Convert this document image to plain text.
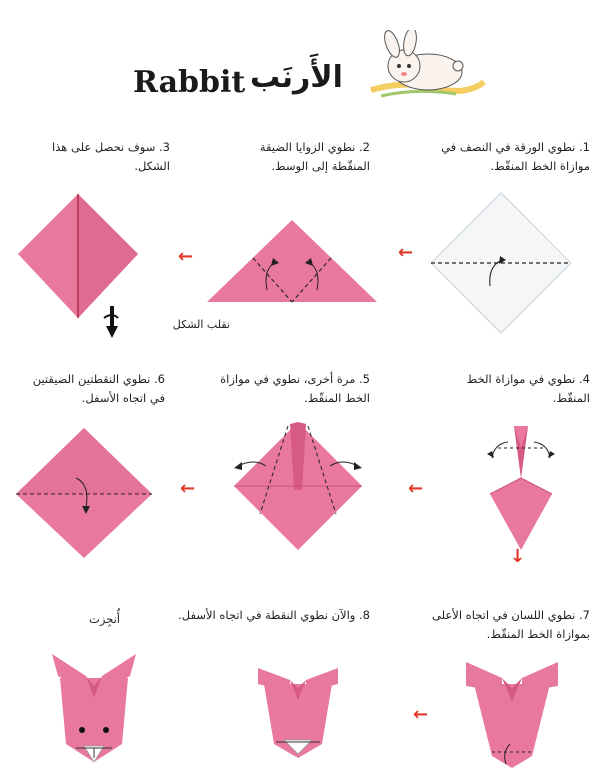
Rabbit الأَرنَب
1. نطوي الورقة في النصف في موازاة الخط المنقّط.
2. نطوي الزوايا الضيقة المنقّطة إلى الوسط.
3. سوف نحصل على هذا الشكل.
←
←
نقلب الشكل
4. نطوي في موازاة الخط المنقّط.
5. مرة أخرى، نطوي في موازاة الخط المنقّط.
6. نطوي النقطتين الضيقتين في اتجاه الأسفل.
↓
←
←
7. نطوي اللسان في اتجاه الأعلى بموازاة الخط المنقّط.
8. والآن نطوي النقطة في اتجاه الأسفل.
أُنجِزت
←
